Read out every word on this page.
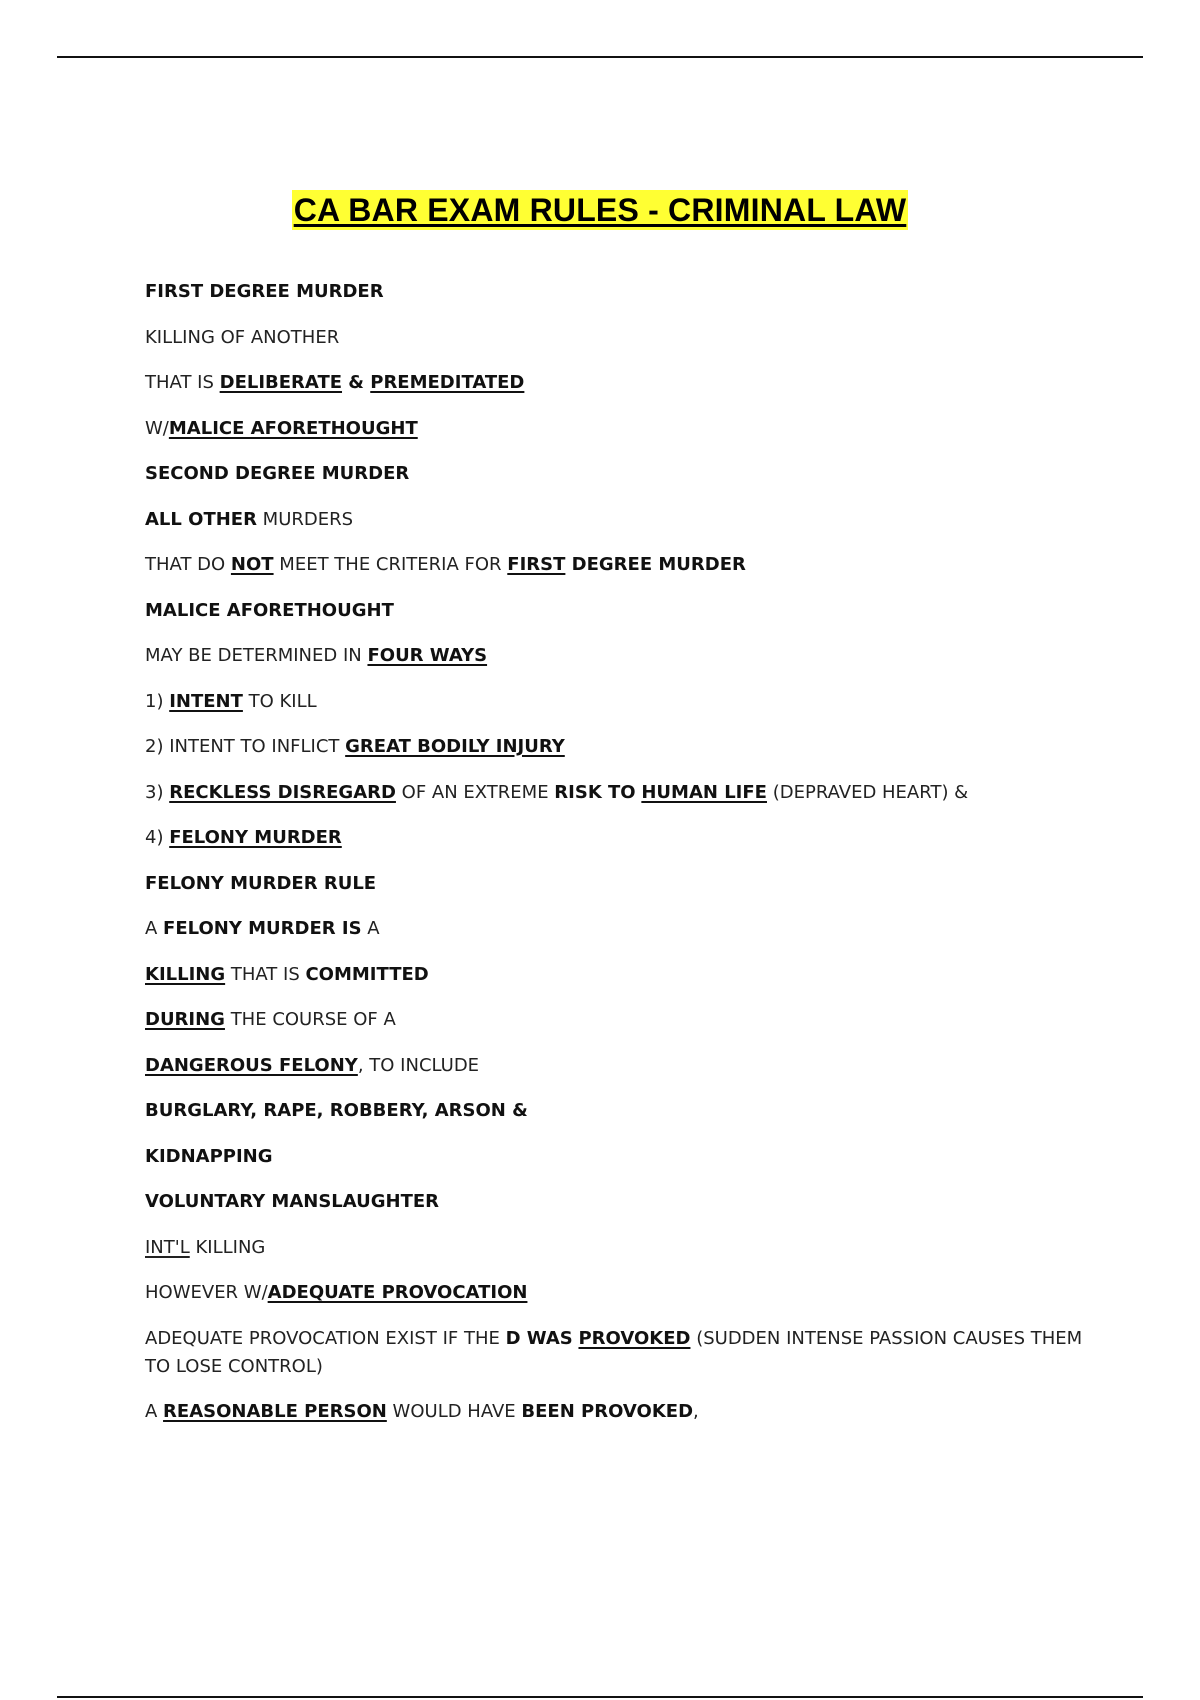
CA BAR EXAM RULES - CRIMINAL LAW
FIRST DEGREE MURDER
KILLING OF ANOTHER
THAT IS DELIBERATE & PREMEDITATED
W/MALICE AFORETHOUGHT
SECOND DEGREE MURDER
ALL OTHER MURDERS
THAT DO NOT MEET THE CRITERIA FOR FIRST DEGREE MURDER
MALICE AFORETHOUGHT
MAY BE DETERMINED IN FOUR WAYS
1) INTENT TO KILL
2) INTENT TO INFLICT GREAT BODILY INJURY
3) RECKLESS DISREGARD OF AN EXTREME RISK TO HUMAN LIFE (DEPRAVED HEART) &
4) FELONY MURDER
FELONY MURDER RULE
A FELONY MURDER IS A
KILLING THAT IS COMMITTED
DURING THE COURSE OF A
DANGEROUS FELONY, TO INCLUDE
BURGLARY, RAPE, ROBBERY, ARSON &
KIDNAPPING
VOLUNTARY MANSLAUGHTER
INT'L KILLING
HOWEVER W/ADEQUATE PROVOCATION
ADEQUATE PROVOCATION EXIST IF THE D WAS PROVOKED (SUDDEN INTENSE PASSION CAUSES THEM TO LOSE CONTROL)
A REASONABLE PERSON WOULD HAVE BEEN PROVOKED,
